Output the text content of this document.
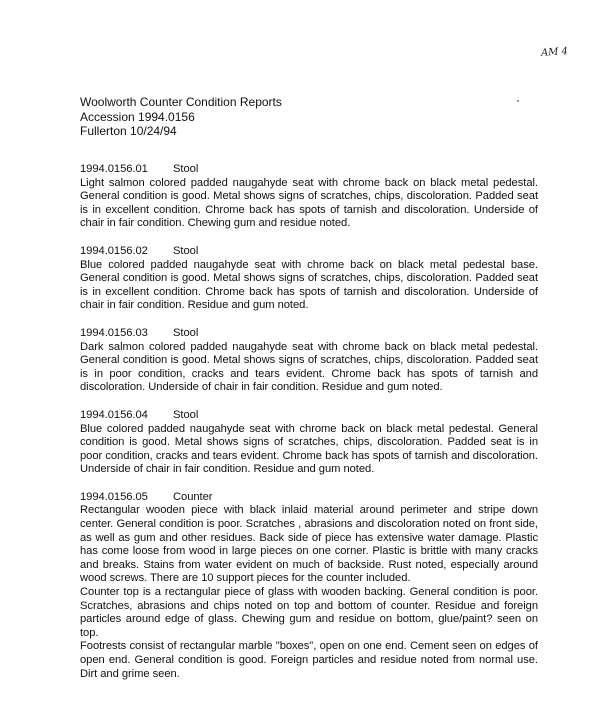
AM 4
Woolworth Counter Condition Reports
Accession 1994.0156
Fullerton 10/24/94
1994.0156.01	Stool

Light salmon colored padded naugahyde seat with chrome back on black metal pedestal. General condition is good. Metal shows signs of scratches, chips, discoloration. Padded seat is in excellent condition. Chrome back has spots of tarnish and discoloration. Underside of chair in fair condition. Chewing gum and residue noted.

1994.0156.02	Stool

Blue colored padded naugahyde seat with chrome back on black metal pedestal base. General condition is good. Metal shows signs of scratches, chips, discoloration. Padded seat is in excellent condition. Chrome back has spots of tarnish and discoloration. Underside of chair in fair condition. Residue and gum noted.

1994.0156.03	Stool

Dark salmon colored padded naugahyde seat with chrome back on black metal pedestal. General condition is good. Metal shows signs of scratches, chips, discoloration. Padded seat is in poor condition, cracks and tears evident. Chrome back has spots of tarnish and discoloration. Underside of chair in fair condition. Residue and gum noted.

1994.0156.04	Stool

Blue colored padded naugahyde seat with chrome back on black metal pedestal. General condition is good. Metal shows signs of scratches, chips, discoloration. Padded seat is in poor condition, cracks and tears evident. Chrome back has spots of tarnish and discoloration. Underside of chair in fair condition. Residue and gum noted.

1994.0156.05	Counter

Rectangular wooden piece with black inlaid material around perimeter and stripe down center. General condition is poor. Scratches , abrasions and discoloration noted on front side, as well as gum and other residues. Back side of piece has extensive water damage. Plastic has come loose from wood in large pieces on one corner. Plastic is brittle with many cracks and breaks. Stains from water evident on much of backside. Rust noted, especially around wood screws. There are 10 support pieces for the counter included.

Counter top is a rectangular piece of glass with wooden backing. General condition is poor. Scratches, abrasions and chips noted on top and bottom of counter. Residue and foreign particles around edge of glass. Chewing gum and residue on bottom, glue/paint? seen on top.

Footrests consist of rectangular marble "boxes", open on one end. Cement seen on edges of open end. General condition is good. Foreign particles and residue noted from normal use. Dirt and grime seen.
